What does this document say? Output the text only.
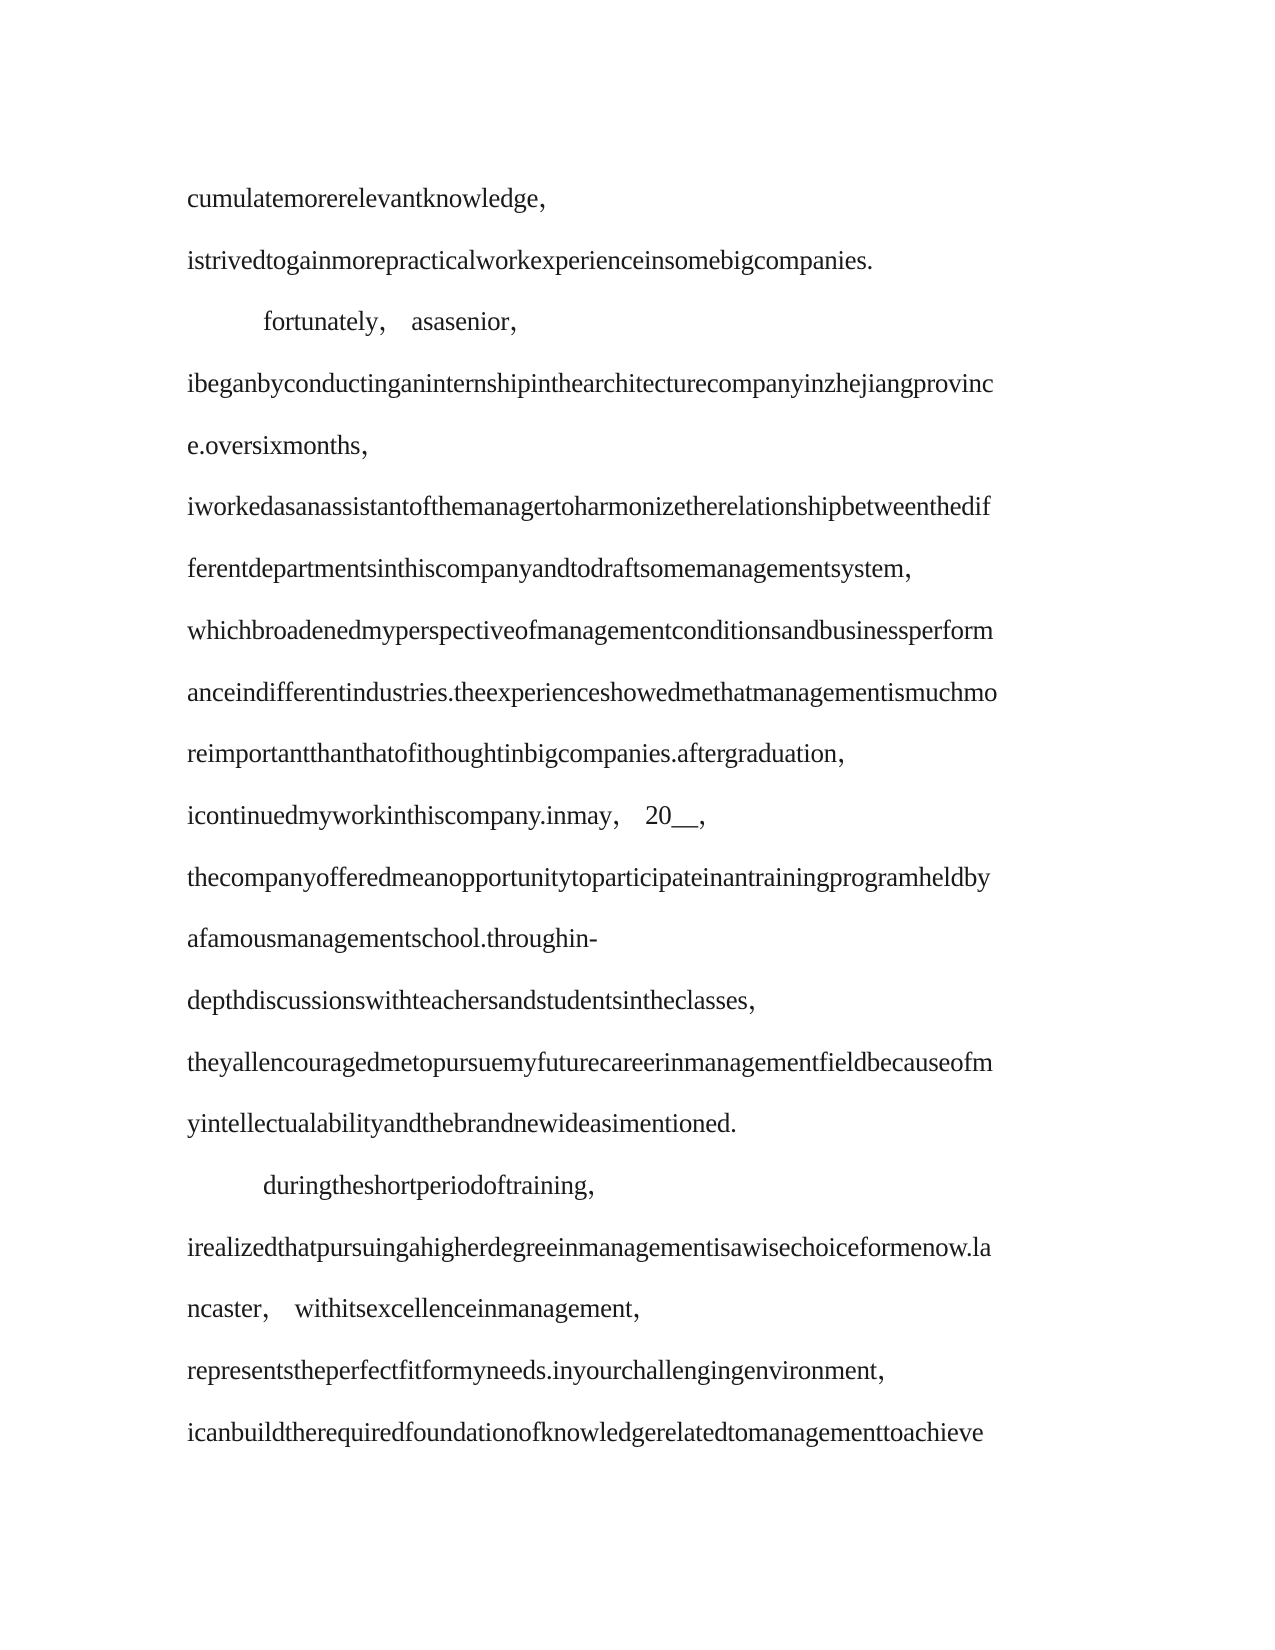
cumulatemorerelevantknowledge，
istrivedtogainmorepracticalworkexperienceinsomebigcompanies.
fortunately， asasenior，
ibeganbyconductinganinternshipinthearchitecturecompanyinzhejiangprovinc
e.oversixmonths，
iworkedasanassistantofthemanagertoharmonizetherelationshipbetweenthedif
ferentdepartmentsinthiscompanyandtodraftsomemanagementsystem，
whichbroadenedmyperspectiveofmanagementconditionsandbusinessperform
anceindifferentindustries.theexperienceshowedmethatmanagementismuchmo
reimportantthanthatofithoughtinbigcompanies.aftergraduation，
icontinuedmyworkinthiscompany.inmay， 20__，
thecompanyofferedmeanopportunitytoparticipateinantrainingprogramheldby
afamousmanagementschool.throughin-
depthdiscussionswithteachersandstudentsintheclasses，
theyallencouragedmetopursuemyfuturecareerinmanagementfieldbecauseofm
yintellectualabilityandthebrandnewideasimentioned.
duringtheshortperiodoftraining，
irealizedthatpursuingahigherdegreeinmanagementisawisechoiceformenow.la
ncaster， withitsexcellenceinmanagement，
representstheperfectfitformyneeds.inyourchallengingenvironment，
icanbuildtherequiredfoundationofknowledgerelatedtomanagementtoachieve
